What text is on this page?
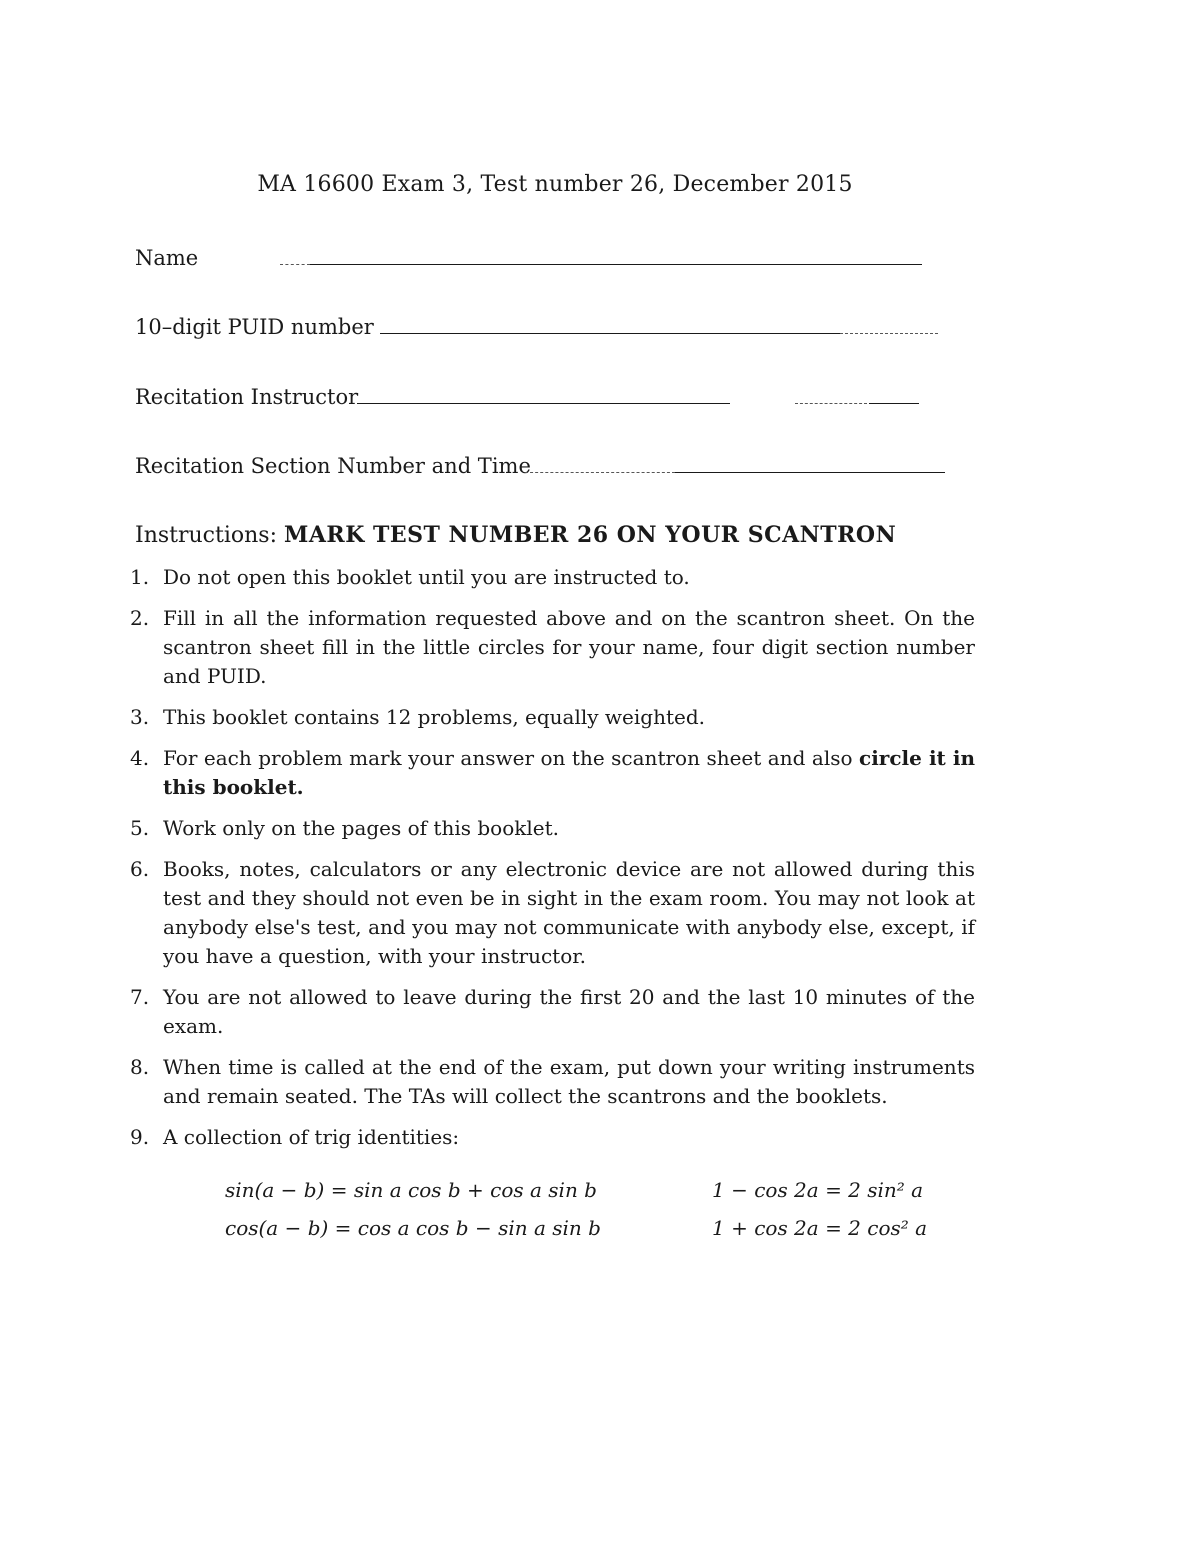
MA 16600 Exam 3, Test number 26, December 2015
Name
10–digit PUID number
Recitation Instructor
Recitation Section Number and Time
Instructions: MARK TEST NUMBER 26 ON YOUR SCANTRON
1. Do not open this booklet until you are instructed to.
2. Fill in all the information requested above and on the scantron sheet. On the scantron sheet fill in the little circles for your name, four digit section number and PUID.
3. This booklet contains 12 problems, equally weighted.
4. For each problem mark your answer on the scantron sheet and also circle it in this booklet.
5. Work only on the pages of this booklet.
6. Books, notes, calculators or any electronic device are not allowed during this test and they should not even be in sight in the exam room. You may not look at anybody else's test, and you may not communicate with anybody else, except, if you have a question, with your instructor.
7. You are not allowed to leave during the first 20 and the last 10 minutes of the exam.
8. When time is called at the end of the exam, put down your writing instruments and remain seated. The TAs will collect the scantrons and the booklets.
9. A collection of trig identities:
sin(a − b) = sin a cos b + cos a sin b
cos(a − b) = cos a cos b − sin a sin b
1 − cos 2a = 2 sin² a
1 + cos 2a = 2 cos² a
